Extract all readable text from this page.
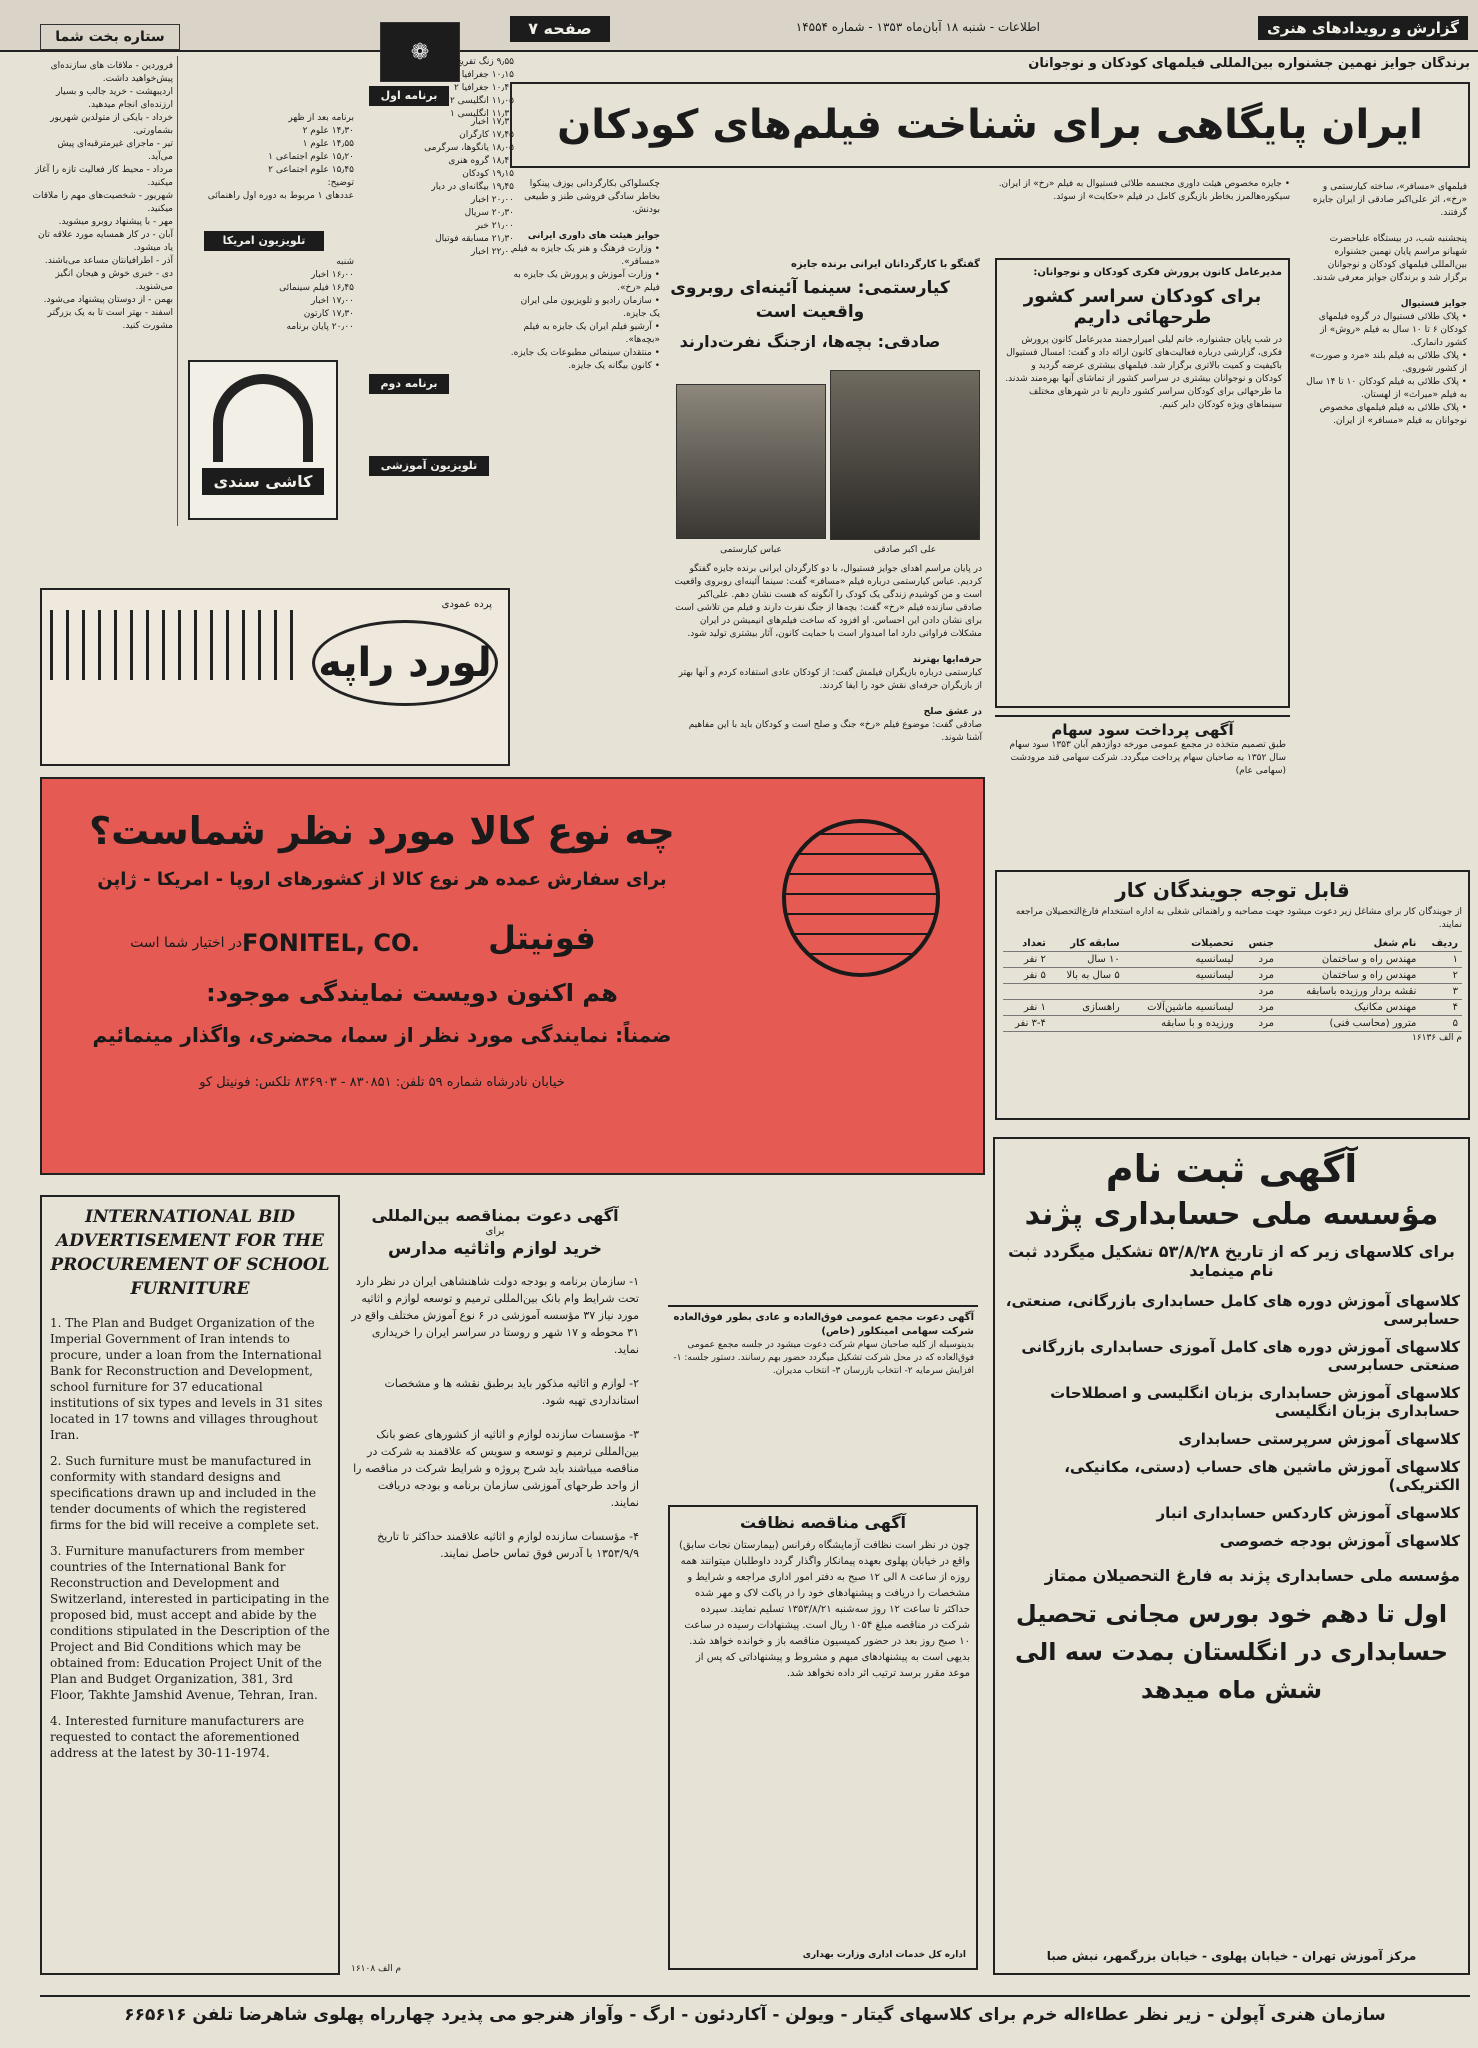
گزارش و رویدادهای هنری
اطلاعات - شنبه ۱۸ آبان‌ماه ۱۳۵۳ - شماره ۱۴۵۵۴
صفحه ۷
❁
ستاره بخت شما
فروردین - ملاقات های سازنده‌ای پیش‌خواهید داشت.
اردیبهشت - خرید جالب و بسیار ارزنده‌ای انجام میدهید.
خرداد - بایکی از متولدین شهریور بشماورتی.
تیر - ماجرای غیرمترقبه‌ای پیش می‌آید.
مرداد - محیط کار فعالیت تازه را آغاز میکنید.
شهریور - شخصیت‌های مهم را ملاقات میکنید.
مهر - با پیشنهاد روبرو میشوید.
آبان - در کار همسایه مورد علاقه تان یاد میشود.
آذر - اطرافیانتان مساعد می‌باشند.
دی - خبری خوش و هیجان انگیز می‌شنوید.
بهمن - از دوستان پیشنهاد می‌شود.
اسفند - بهتر است تا به یک بزرگتر مشورت کنید.
برنامه اول
۹٫۵۵ زنگ تفریح
۱۰٫۱۵ جغرافیا ۲
۱۰٫۴۰ جغرافیا ۲
۱۱٫۰۵ انگلیسی ۲
۱۱٫۳۰ انگلیسی ۱
۱۷٫۳۰ اخبار
۱۷٫۴۵ کارگران
۱۸٫۰۵ یانگوها، سرگرمی
۱۸٫۴۰ گروه هنری
۱۹٫۱۵ کودکان
۱۹٫۴۵ بیگانه‌ای در دیار
۲۰٫۰۰ اخبار
۲۰٫۳۰ سریال
۲۱٫۰۰ خبر
۲۱٫۳۰ مسابقه فوتبال
۲۲٫۰۰ اخبار
برنامه دوم
تلویزیون آموزشی
تلویزیون امریکا
شنبه
۱۶٫۰۰ اخبار
۱۶٫۴۵ فیلم سینمائی
۱۷٫۰۰ اخبار
۱۷٫۳۰ کارتون
۲۰٫۰۰ پایان برنامه
برنامه بعد از ظهر
۱۴٫۳۰ علوم ۲
۱۴٫۵۵ علوم ۱
۱۵٫۲۰ علوم اجتماعی ۱
۱۵٫۴۵ علوم اجتماعی ۲
توضیح:
عددهای ۱ مربوط به دوره اول راهنمائی
کاشی سندی
لورد راپه
پرده عمودی
چه نوع کالا مورد نظر شماست؟
برای سفارش عمده هر نوع کالا از کشورهای اروپا - امریکا - ژاپن
فونیتل
FONITEL, CO.
در اختیار شما است
هم اکنون دویست نمایندگی موجود:
ضمناً: نمایندگی مورد نظر از سما، محضری، واگذار مینمائیم
خیابان نادرشاه شماره ۵۹ تلفن: ۸۳۰۸۵۱ - ۸۳۶۹۰۳ تلکس: فونیتل کو
برندگان جوایز نهمین جشنواره بین‌المللی فیلمهای کودکان و نوجوانان
ایران پایگاهی برای شناخت فیلم‌های کودکان
فیلمهای «مسافر»، ساخته کیارستمی و «رخ»، اثر علی‌اکبر صادقی از ایران جایزه گرفتند.

پنجشنبه شب، در بیستگاه علیاحضرت شهبانو مراسم پایان نهمین جشنواره بین‌المللی فیلمهای کودکان و نوجوانان برگزار شد و برندگان جوایز معرفی شدند.

جوایز فستیوال
• پلاک طلائی فستیوال در گروه فیلمهای کودکان ۶ تا ۱۰ سال به فیلم «روش» از کشور دانمارک.
• پلاک طلائی به فیلم بلند «مرد و صورت» از کشور شوروی.
• پلاک طلائی به فیلم کودکان ۱۰ تا ۱۴ سال به فیلم «میراث» از لهستان.
• پلاک طلائی به فیلم فیلمهای مخصوص نوجوانان به فیلم «مسافر» از ایران.
• جایزه مخصوص هیئت داوری مجسمه طلائی فستیوال به فیلم «رخ» از ایران.
سیکوره‌هالمرز بخاطر بازیگری کامل در فیلم «حکایت» از سوئد.
مدیرعامل کانون پرورش فکری کودکان و نوجوانان:
برای کودکان سراسر کشور طرحهائی داریم
در شب پایان جشنواره، خانم لیلی امیرارجمند مدیرعامل کانون پرورش فکری، گزارشی درباره فعالیت‌های کانون ارائه داد و گفت: امسال فستیوال باکیفیت و کمیت بالاتری برگزار شد. فیلمهای بیشتری عرضه گردید و کودکان و نوجوانان بیشتری در سراسر کشور از تماشای آنها بهره‌مند شدند. ما طرحهائی برای کودکان سراسر کشور داریم تا در شهرهای مختلف سینماهای ویژه کودکان دایر کنیم.
آگهی پرداخت سود سهام
طبق تصمیم متخذه در مجمع عمومی مورخه دوازدهم آبان ۱۳۵۳ سود سهام سال ۱۳۵۲ به صاحبان سهام پرداخت میگردد. شرکت سهامی قند مرودشت (سهامی عام)
گفتگو با کارگردانان ایرانی برنده جایزه
کیارستمی: سینما آئینه‌ای روبروی واقعیت است
صادقی: بچه‌ها، ازجنگ نفرت‌دارند
علی اکبر صادقی
عباس کیارستمی
در پایان مراسم اهدای جوایز فستیوال، با دو کارگردان ایرانی برنده جایزه گفتگو کردیم. عباس کیارستمی درباره فیلم «مسافر» گفت: سینما آئینه‌ای روبروی واقعیت است و من کوشیدم زندگی یک کودک را آنگونه که هست نشان دهم. علی‌اکبر صادقی سازنده فیلم «رخ» گفت: بچه‌ها از جنگ نفرت دارند و فیلم من تلاشی است برای نشان دادن این احساس. او افزود که ساخت فیلم‌های انیمیشن در ایران مشکلات فراوانی دارد اما امیدوار است با حمایت کانون، آثار بیشتری تولید شود.

حرفه‌ایها بهترند
کیارستمی درباره بازیگران فیلمش گفت: از کودکان عادی استفاده کردم و آنها بهتر از بازیگران حرفه‌ای نقش خود را ایفا کردند.

در عشق صلح
صادقی گفت: موضوع فیلم «رخ» جنگ و صلح است و کودکان باید با این مفاهیم آشنا شوند.
چکسلواکی بکارگردانی یوزف پینکوا بخاطر سادگی فروشی طنز و طبیعی بودنش.

جوایز هیئت های داوری ایرانی
• وزارت فرهنگ و هنر یک جایزه به فیلم «مسافر».
• وزارت آموزش و پرورش یک جایزه به فیلم «رخ».
• سازمان رادیو و تلویزیون ملی ایران یک جایزه.
• آرشیو فیلم ایران یک جایزه به فیلم «بچه‌ها».
• منتقدان سینمائی مطبوعات یک جایزه.
• کانون بیگانه یک جایزه.
قابل توجه جویندگان کار
از جویندگان کار برای مشاغل زیر دعوت میشود جهت مصاحبه و راهنمائی شغلی به اداره استخدام فارغ‌التحصیلان مراجعه نمایند.
ردیف	نام شغل	جنس	تحصیلات	سابقه کار	تعداد
۱	مهندس راه و ساختمان	مرد	لیسانسیه	۱۰ سال	۲ نفر
۲	مهندس راه و ساختمان	مرد	لیسانسیه	۵ سال به بالا	۵ نفر
۳	نقشه بردار ورزیده باسابقه	مرد			
۴	مهندس مکانیک	مرد	لیسانسیه ماشین‌آلات	راهسازی	۱ نفر
۵	مترور (محاسب فنی)	مرد	ورزیده و با سابقه		۳-۴ نفر
م الف ۱۶۱۳۶
INTERNATIONAL BID ADVERTISEMENT FOR THE PROCUREMENT OF SCHOOL FURNITURE
1. The Plan and Budget Organization of the Imperial Government of Iran intends to procure, under a loan from the International Bank for Reconstruction and Development, school furniture for 37 educational institutions of six types and levels in 31 sites located in 17 towns and villages throughout Iran.
2. Such furniture must be manufactured in conformity with standard designs and specifications drawn up and included in the tender documents of which the registered firms for the bid will receive a complete set.
3. Furniture manufacturers from member countries of the International Bank for Reconstruction and Development and Switzerland, interested in participating in the proposed bid, must accept and abide by the conditions stipulated in the Description of the Project and Bid Conditions which may be obtained from: Education Project Unit of the Plan and Budget Organization, 381, 3rd Floor, Takhte Jamshid Avenue, Tehran, Iran.
4. Interested furniture manufacturers are requested to contact the aforementioned address at the latest by 30-11-1974.
آگهی دعوت بمناقصه بین‌المللی
برای
خرید لوازم واثاثیه مدارس
۱- سازمان برنامه و بودجه دولت شاهنشاهی ایران در نظر دارد تحت شرایط وام بانک بین‌المللی ترمیم و توسعه لوازم و اثاثیه مورد نیاز ۳۷ مؤسسه آموزشی در ۶ نوع آموزش مختلف واقع در ۳۱ محوطه و ۱۷ شهر و روستا در سراسر ایران را خریداری نماید.

۲- لوازم و اثاثیه مذکور باید برطبق نقشه ها و مشخصات استانداردی تهیه شود.

۳- مؤسسات سازنده لوازم و اثاثیه از کشورهای عضو بانک بین‌المللی ترمیم و توسعه و سویس که علاقمند به شرکت در مناقصه میباشند باید شرح پروژه و شرایط شرکت در مناقصه را از واحد طرحهای آموزشی سازمان برنامه و بودجه دریافت نمایند.

۴- مؤسسات سازنده لوازم و اثاثیه علاقمند حداکثر تا تاریخ ۱۳۵۳/۹/۹ با آدرس فوق تماس حاصل نمایند.
م الف ۱۶۱۰۸
آگهی دعوت مجمع عمومی فوق‌العاده و عادی بطور فوق‌العاده شرکت سهامی امینکلور (خاص)
بدینوسیله از کلیه صاحبان سهام شرکت دعوت میشود در جلسه مجمع عمومی فوق‌العاده که در محل شرکت تشکیل میگردد حضور بهم رسانند. دستور جلسه: ۱- افزایش سرمایه ۲- انتخاب بازرسان ۳- انتخاب مدیران.
آگهی مناقصه نظافت
چون در نظر است نظافت آزمایشگاه رفرانس (بیمارستان نجات سابق) واقع در خیابان پهلوی بعهده پیمانکار واگذار گردد داوطلبان میتوانند همه روزه از ساعت ۸ الی ۱۲ صبح به دفتر امور اداری مراجعه و شرایط و مشخصات را دریافت و پیشنهادهای خود را در پاکت لاک و مهر شده حداکثر تا ساعت ۱۲ روز سه‌شنبه ۱۳۵۳/۸/۲۱ تسلیم نمایند. سپرده شرکت در مناقصه مبلغ ۱۰۵۴ ریال است. پیشنهادات رسیده در ساعت ۱۰ صبح روز بعد در حضور کمیسیون مناقصه باز و خوانده خواهد شد. بدیهی است به پیشنهادهای مبهم و مشروط و پیشنهاداتی که پس از موعد مقرر برسد ترتیب اثر داده نخواهد شد.
اداره کل خدمات اداری وزارت بهداری
آگهی ثبت نام
مؤسسه ملی حسابداری پژند
برای کلاسهای زیر که از تاریخ ۵۳/۸/۲۸ تشکیل میگردد ثبت نام مینماید
کلاسهای آموزش دوره های کامل حسابداری بازرگانی، صنعتی، حسابرسی
کلاسهای آموزش دوره های کامل آموزی حسابداری بازرگانی صنعتی حسابرسی
کلاسهای آموزش حسابداری بزبان انگلیسی و اصطلاحات حسابداری بزبان انگلیسی
کلاسهای آموزش سرپرستی حسابداری
کلاسهای آموزش ماشین های حساب (دستی، مکانیکی، الکتریکی)
کلاسهای آموزش کاردکس حسابداری انبار
کلاسهای آموزش بودجه خصوصی
مؤسسه ملی حسابداری پژند به فارغ التحصیلان ممتاز
اول تا دهم خود بورس مجانی تحصیل حسابداری در انگلستان بمدت سه الی شش ماه میدهد
مرکز آموزش تهران - خیابان پهلوی - خیابان بزرگمهر، نبش صبا
سازمان هنری آپولن - زیر نظر عطاءاله خرم برای کلاسهای گیتار - ویولن - آکاردئون - ارگ - وآواز هنرجو می پذیرد چهارراه پهلوی شاهرضا تلفن ۶۶۵۶۱۶
